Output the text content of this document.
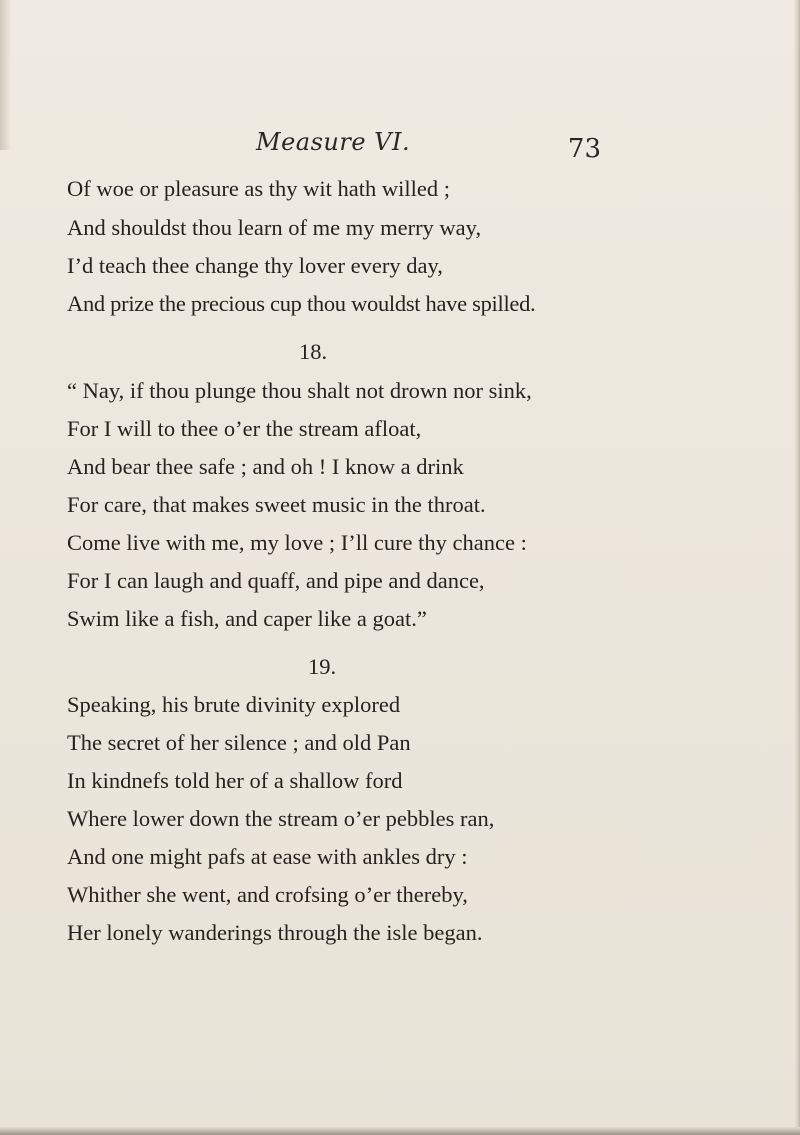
Measure VI.	73
Of woe or pleasure as thy wit hath willed ;
And shouldst thou learn of me my merry way,
I’d teach thee change thy lover every day,
And prize the precious cup thou wouldst have spilled.
18.
“ Nay, if thou plunge thou shalt not drown nor sink,
For I will to thee o’er the stream afloat,
And bear thee safe ; and oh ! I know a drink
For care, that makes sweet music in the throat.
Come live with me, my love ; I’ll cure thy chance :
For I can laugh and quaff, and pipe and dance,
Swim like a fish, and caper like a goat.”
19.
Speaking, his brute divinity explored
The secret of her silence ; and old Pan
In kindnefs told her of a shallow ford
Where lower down the stream o’er pebbles ran,
And one might pafs at ease with ankles dry :
Whither she went, and crofsing o’er thereby,
Her lonely wanderings through the isle began.
